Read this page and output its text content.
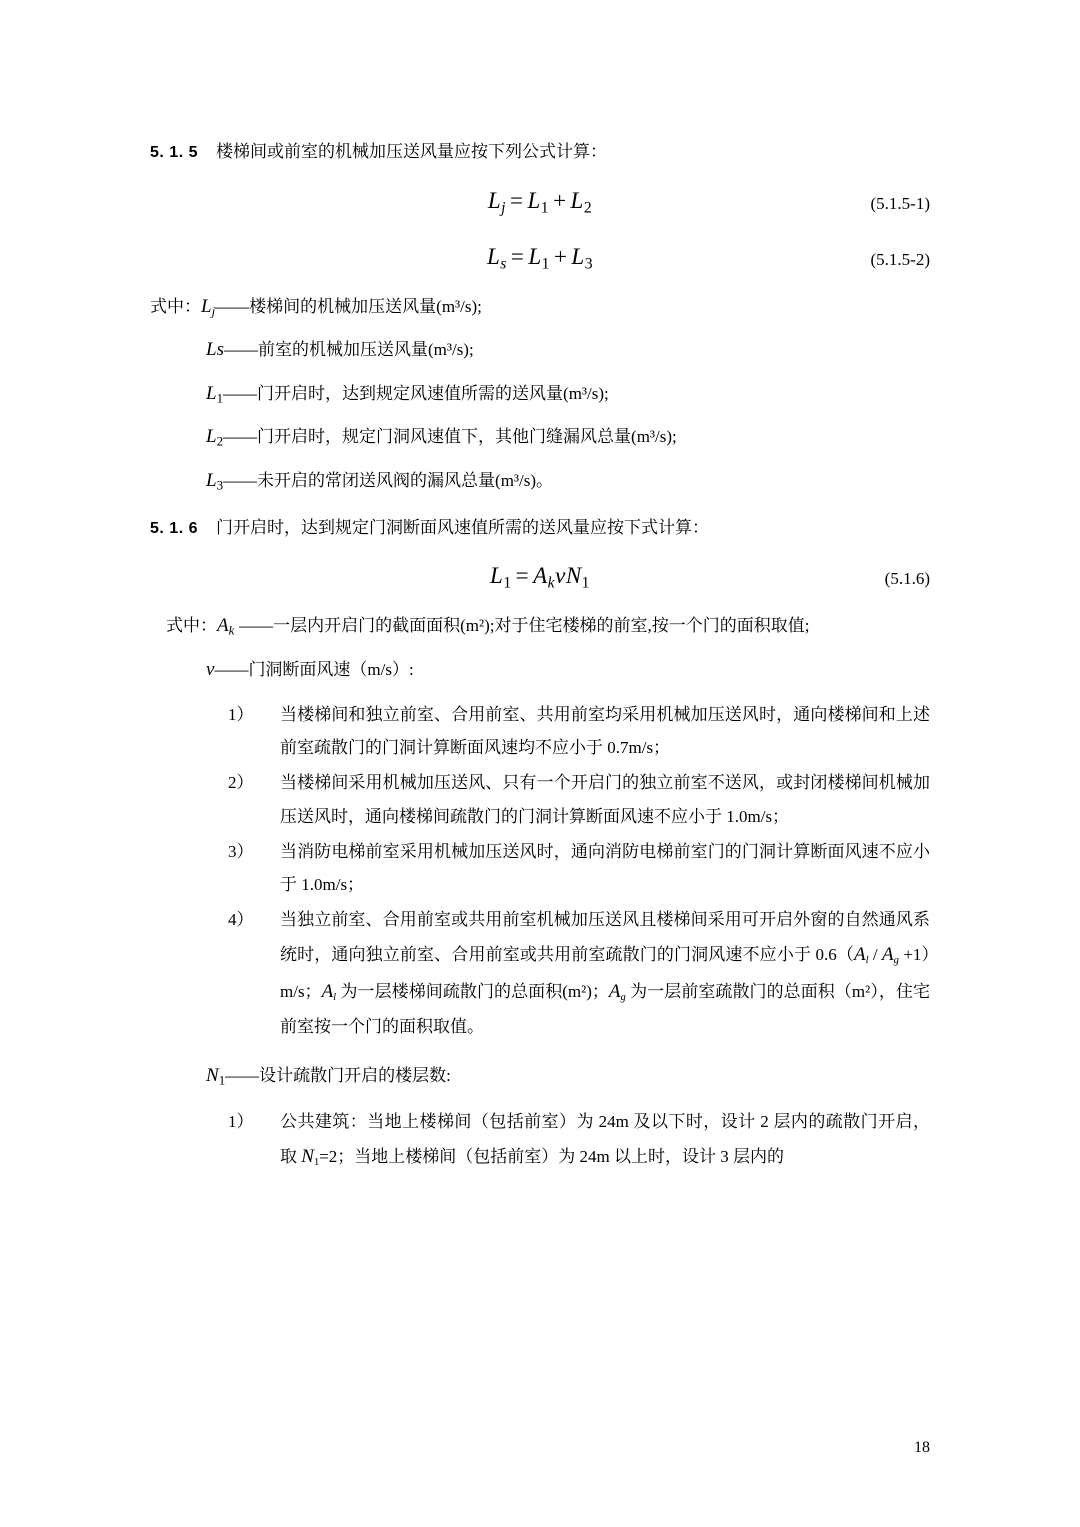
5. 1. 5 楼梯间或前室的机械加压送风量应按下列公式计算：
$L_j = L_1 + L_2$	(5.1.5-1)
$L_s = L_1 + L_3$	(5.1.5-2)
式中： $L_j$ ——楼梯间的机械加压送风量(m³/s);
Ls ——前室的机械加压送风量(m³/s);
$L_1$ ——门开启时，达到规定风速值所需的送风量(m³/s);
$L_2$ ——门开启时，规定门洞风速值下，其他门缝漏风总量(m³/s);
$L_3$ ——未开启的常闭送风阀的漏风总量(m³/s)。
5. 1. 6 门开启时，达到规定门洞断面风速值所需的送风量应按下式计算：
$L_1 = A_kvN_1$	(5.1.6)
式中： $A_k$ ——一层内开启门的截面面积(m²);对于住宅楼梯的前室,按一个门的面积取值;
v ——门洞断面风速（m/s）:
1）	当楼梯间和独立前室、合用前室、共用前室均采用机械加压送风时，通向楼梯间和上述前室疏散门的门洞计算断面风速均不应小于 0.7m/s；
2）	当楼梯间采用机械加压送风、只有一个开启门的独立前室不送风，或封闭楼梯间机械加压送风时，通向楼梯间疏散门的门洞计算断面风速不应小于 1.0m/s；
3）	当消防电梯前室采用机械加压送风时，通向消防电梯前室门的门洞计算断面风速不应小于 1.0m/s；
4）	当独立前室、合用前室或共用前室机械加压送风且楼梯间采用可开启外窗的自然通风系统时，通向独立前室、合用前室或共用前室疏散门的门洞风速不应小于 $0.6(A_l / A_g +1)m/s$；$A_l$ 为一层楼梯间疏散门的总面积(m²)；$A_g$ 为一层前室疏散门的总面积（m²），住宅前室按一个门的面积取值。
$N_1$ ——设计疏散门开启的楼层数:
1）	公共建筑：当地上楼梯间（包括前室）为 24m 及以下时，设计 2 层内的疏散门开启，取 $N_1=2$；当地上楼梯间（包括前室）为 24m 以上时，设计 3 层内的
18
